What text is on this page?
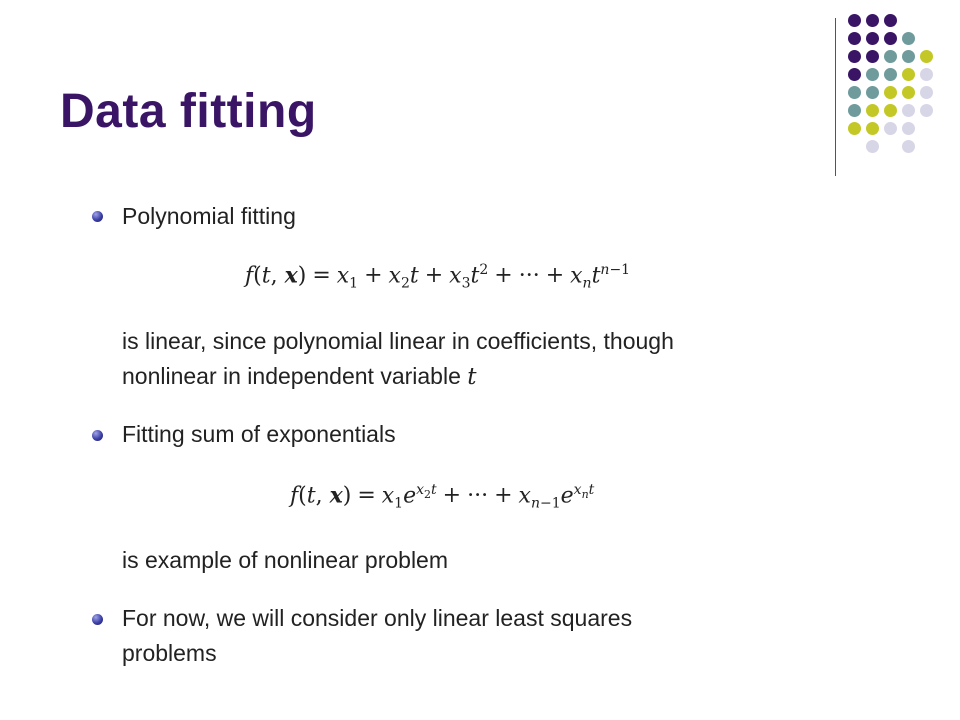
Data fitting

Polynomial fitting

f(t, $x) = x_1 + x_2t + x_3t^2$ + ··· + $x_nt^{n-1}$

is linear, since polynomial linear in coefficients, though

nonlinear in independent variable t

Fitting sum of exponentials

f(t, $x) = x_1e^{x_2t}$ + ··· + $x_{n-1}e^{x_nt}$

is example of nonlinear problem

For now, we will consider only linear least squares

problems
